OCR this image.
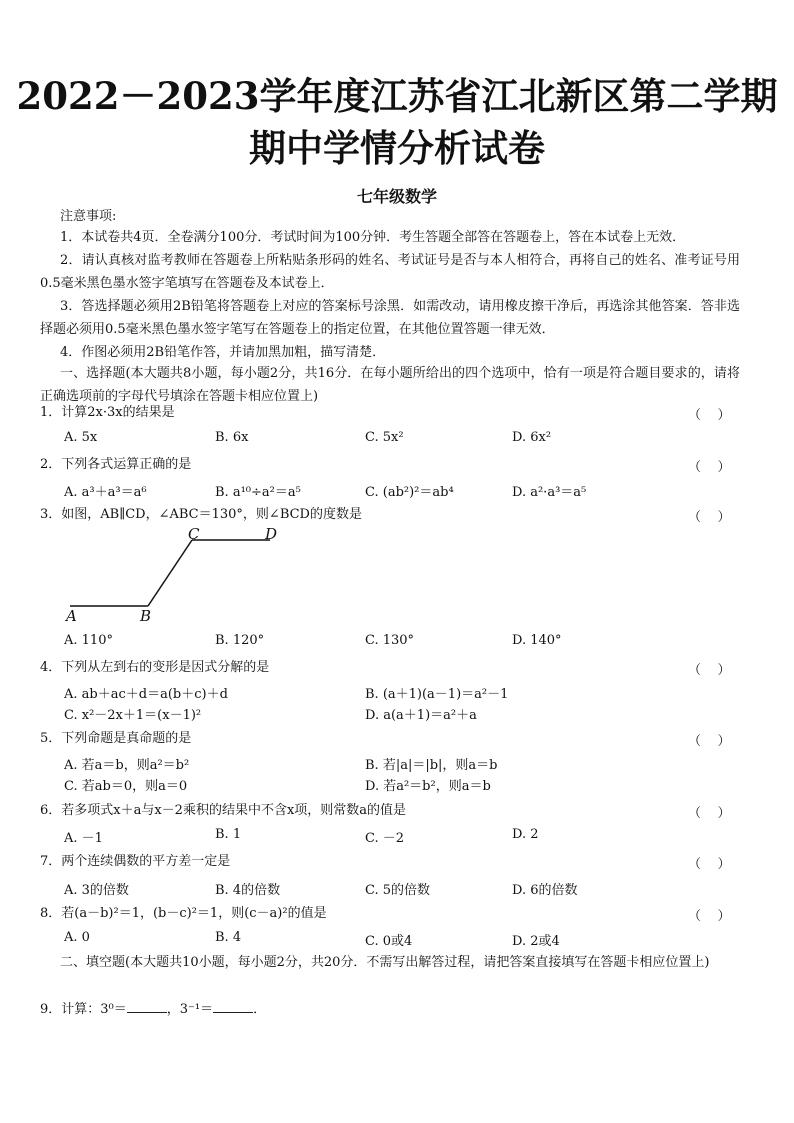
2022－2023学年度江苏省江北新区第二学期
期中学情分析试卷
七年级数学
注意事项:
1．本试卷共4页．全卷满分100分．考试时间为100分钟．考生答题全部答在答题卷上，答在本试卷上无效．
2．请认真核对监考教师在答题卷上所粘贴条形码的姓名、考试证号是否与本人相符合，再将自己的姓名、准考证号用0.5毫米黑色墨水签字笔填写在答题卷及本试卷上．
3．答选择题必须用2B铅笔将答题卷上对应的答案标号涂黑．如需改动，请用橡皮擦干净后，再选涂其他答案．答非选择题必须用0.5毫米黑色墨水签字笔写在答题卷上的指定位置，在其他位置答题一律无效．
4．作图必须用2B铅笔作答，并请加黑加粗，描写清楚．
一、选择题(本大题共8小题，每小题2分，共16分．在每小题所给出的四个选项中，恰有一项是符合题目要求的，请将正确选项前的字母代号填涂在答题卡相应位置上)
1．计算2x·3x的结果是	（    ）
A. 5x	B. 6x	C. 5x²	D. 6x²
2．下列各式运算正确的是	（    ）
A. a³＋a³＝a⁶	B. a¹⁰÷a²＝a⁵	C. (ab²)²＝ab⁴	D. a²·a³＝a⁵
3．如图，AB∥CD，∠ABC＝130°，则∠BCD的度数是	（    ）
A	B
C	D
A. 110°	B. 120°	C. 130°	D. 140°
4．下列从左到右的变形是因式分解的是	（    ）
A. ab＋ac＋d＝a(b＋c)＋d	B. (a＋1)(a－1)＝a²－1
C. x²－2x＋1＝(x－1)²	D. a(a＋1)＝a²＋a
5．下列命题是真命题的是	（    ）
A. 若a＝b，则a²＝b²	B. 若|a|＝|b|，则a＝b
C. 若ab＝0，则a＝0	D. 若a²＝b²，则a＝b
6．若多项式x＋a与x－2乘积的结果中不含x项，则常数a的值是	（    ）
A. －1	B. 1	C. －2	D. 2
7．两个连续偶数的平方差一定是	（    ）
A. 3的倍数	B. 4的倍数	C. 5的倍数	D. 6的倍数
8．若(a－b)²＝1，(b－c)²＝1，则(c－a)²的值是	（    ）
A. 0	B. 4	C. 0或4	D. 2或4
二、填空题(本大题共10小题，每小题2分，共20分．不需写出解答过程，请把答案直接填写在答题卡相应位置上)
9．计算：3⁰＝	，3⁻¹＝	．
